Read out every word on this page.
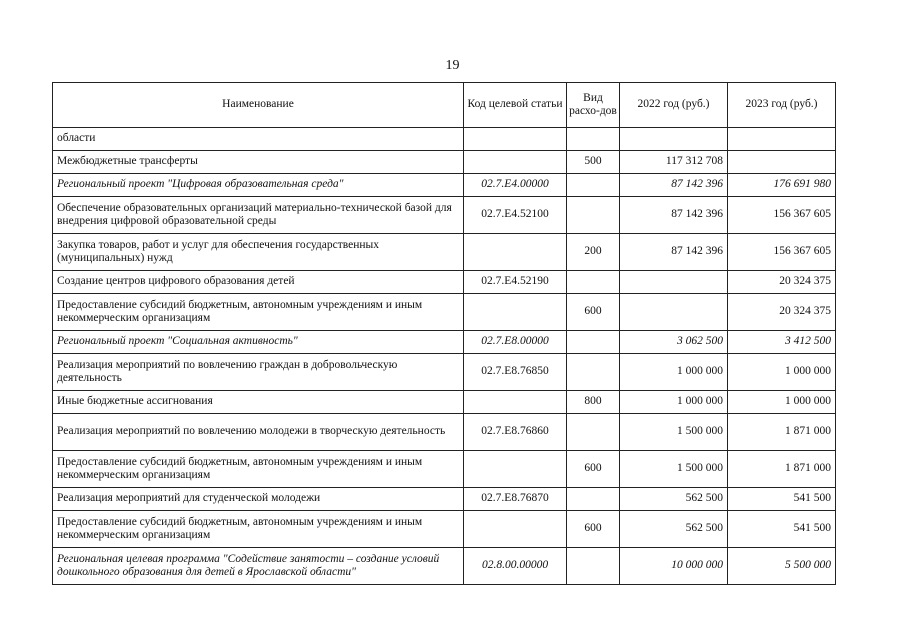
19
Наименование	Код целевой статьи	Вид расхо-дов	2022 год (руб.)	2023 год (руб.)
области				
Межбюджетные трансферты		500	117 312 708	
Региональный проект "Цифровая образовательная среда"	02.7.Е4.00000		87 142 396	176 691 980
Обеспечение образовательных организаций материально-технической базой для внедрения цифровой образовательной среды	02.7.Е4.52100		87 142 396	156 367 605
Закупка товаров, работ и услуг для обеспечения государственных (муниципальных) нужд		200	87 142 396	156 367 605
Создание центров цифрового образования детей	02.7.Е4.52190			20 324 375
Предоставление субсидий бюджетным, автономным учреждениям и иным некоммерческим организациям		600		20 324 375
Региональный проект "Социальная активность"	02.7.Е8.00000		3 062 500	3 412 500
Реализация мероприятий по вовлечению граждан в добровольческую деятельность	02.7.Е8.76850		1 000 000	1 000 000
Иные бюджетные ассигнования		800	1 000 000	1 000 000
Реализация мероприятий по вовлечению молодежи в творческую деятельность	02.7.Е8.76860		1 500 000	1 871 000
Предоставление субсидий бюджетным, автономным учреждениям и иным некоммерческим организациям		600	1 500 000	1 871 000
Реализация мероприятий для студенческой молодежи	02.7.Е8.76870		562 500	541 500
Предоставление субсидий бюджетным, автономным учреждениям и иным некоммерческим организациям		600	562 500	541 500
Региональная целевая программа "Содействие занятости – создание условий дошкольного образования для детей в Ярославской области"	02.8.00.00000		10 000 000	5 500 000
